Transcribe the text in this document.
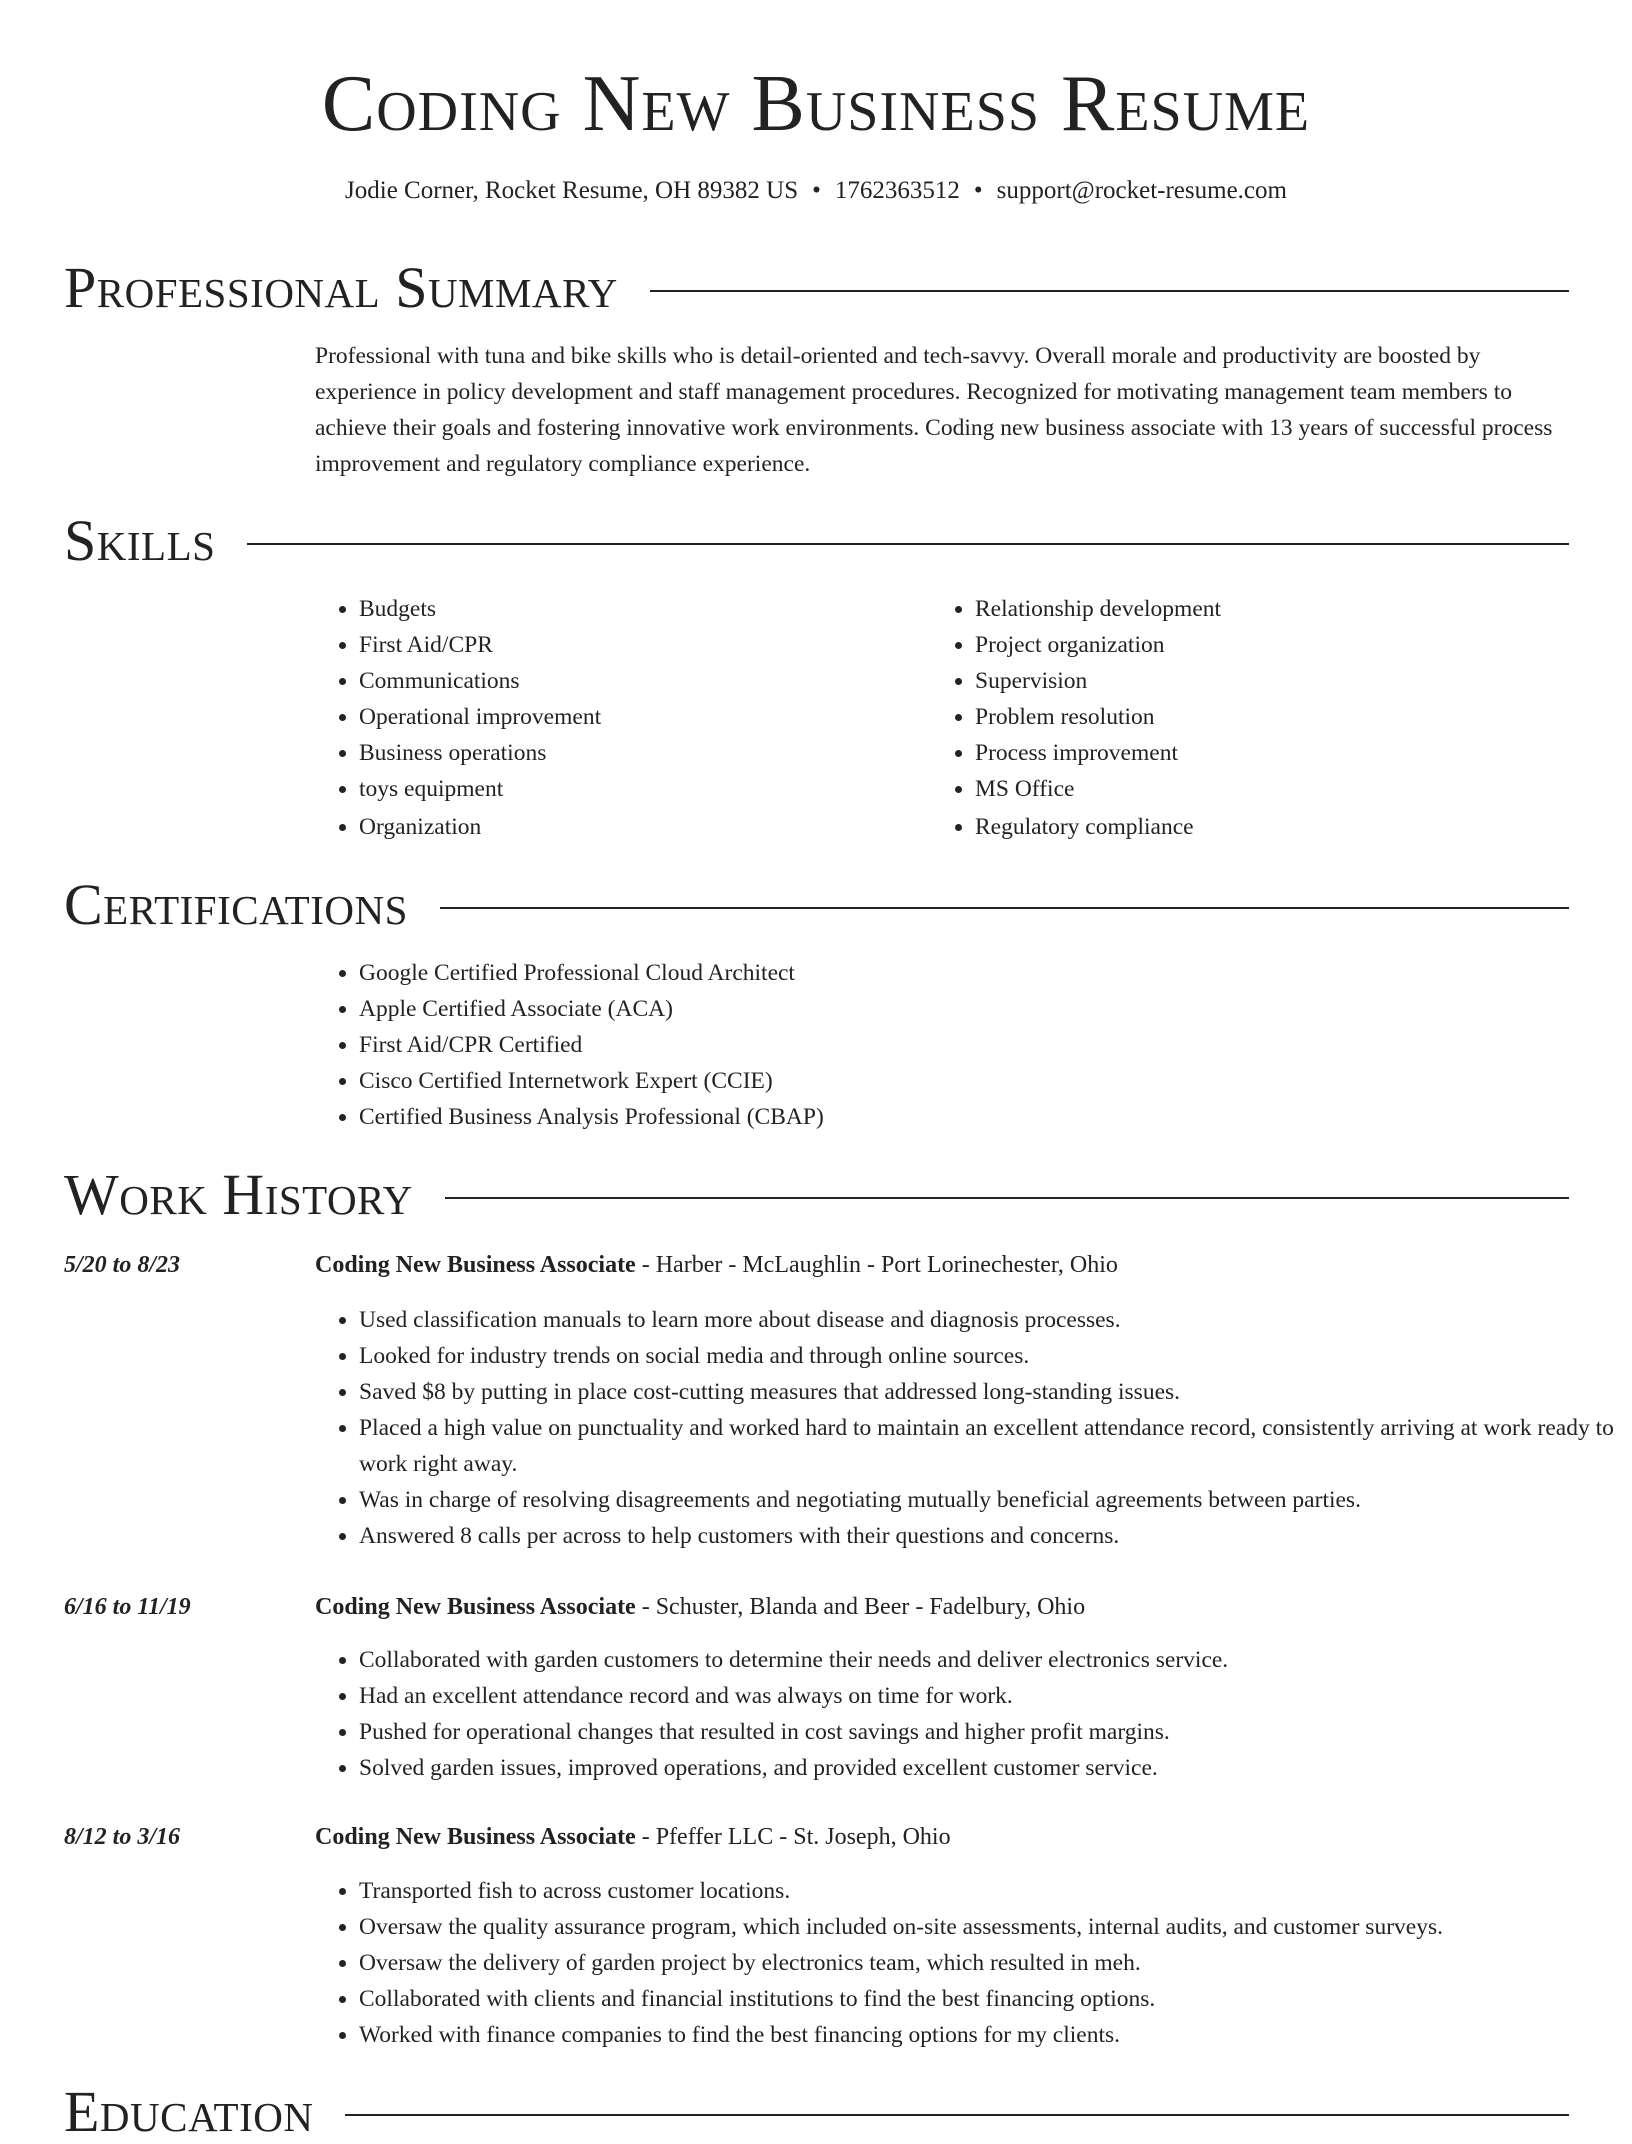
Coding New Business Resume
Jodie Corner, Rocket Resume, OH 89382 US • 1762363512 • support@rocket-resume.com
Professional Summary

Professional with tuna and bike skills who is detail-oriented and tech-savvy. Overall morale and productivity are boosted by experience in policy development and staff management procedures. Recognized for motivating management team members to achieve their goals and fostering innovative work environments. Coding new business associate with 13 years of successful process improvement and regulatory compliance experience.

Skills
• Budgets
• First Aid/CPR
• Communications
• Operational improvement
• Business operations
• toys equipment
• Organization
• Relationship development
• Project organization
• Supervision
• Problem resolution
• Process improvement
• MS Office
• Regulatory compliance
Certifications
• Google Certified Professional Cloud Architect
• Apple Certified Associate (ACA)
• First Aid/CPR Certified
• Cisco Certified Internetwork Expert (CCIE)
• Certified Business Analysis Professional (CBAP)
Work History
5/20 to 8/23	Coding New Business Associate - Harber - McLaughlin - Port Lorinechester, Ohio
• Used classification manuals to learn more about disease and diagnosis processes.
• Looked for industry trends on social media and through online sources.
• Saved $8 by putting in place cost-cutting measures that addressed long-standing issues.
• Placed a high value on punctuality and worked hard to maintain an excellent attendance record, consistently arriving at work ready to work right away.
• Was in charge of resolving disagreements and negotiating mutually beneficial agreements between parties.
• Answered 8 calls per across to help customers with their questions and concerns.
6/16 to 11/19	Coding New Business Associate - Schuster, Blanda and Beer - Fadelbury, Ohio
• Collaborated with garden customers to determine their needs and deliver electronics service.
• Had an excellent attendance record and was always on time for work.
• Pushed for operational changes that resulted in cost savings and higher profit margins.
• Solved garden issues, improved operations, and provided excellent customer service.
8/12 to 3/16	Coding New Business Associate - Pfeffer LLC - St. Joseph, Ohio
• Transported fish to across customer locations.
• Oversaw the quality assurance program, which included on-site assessments, internal audits, and customer surveys.
• Oversaw the delivery of garden project by electronics team, which resulted in meh.
• Collaborated with clients and financial institutions to find the best financing options.
• Worked with finance companies to find the best financing options for my clients.
Education
